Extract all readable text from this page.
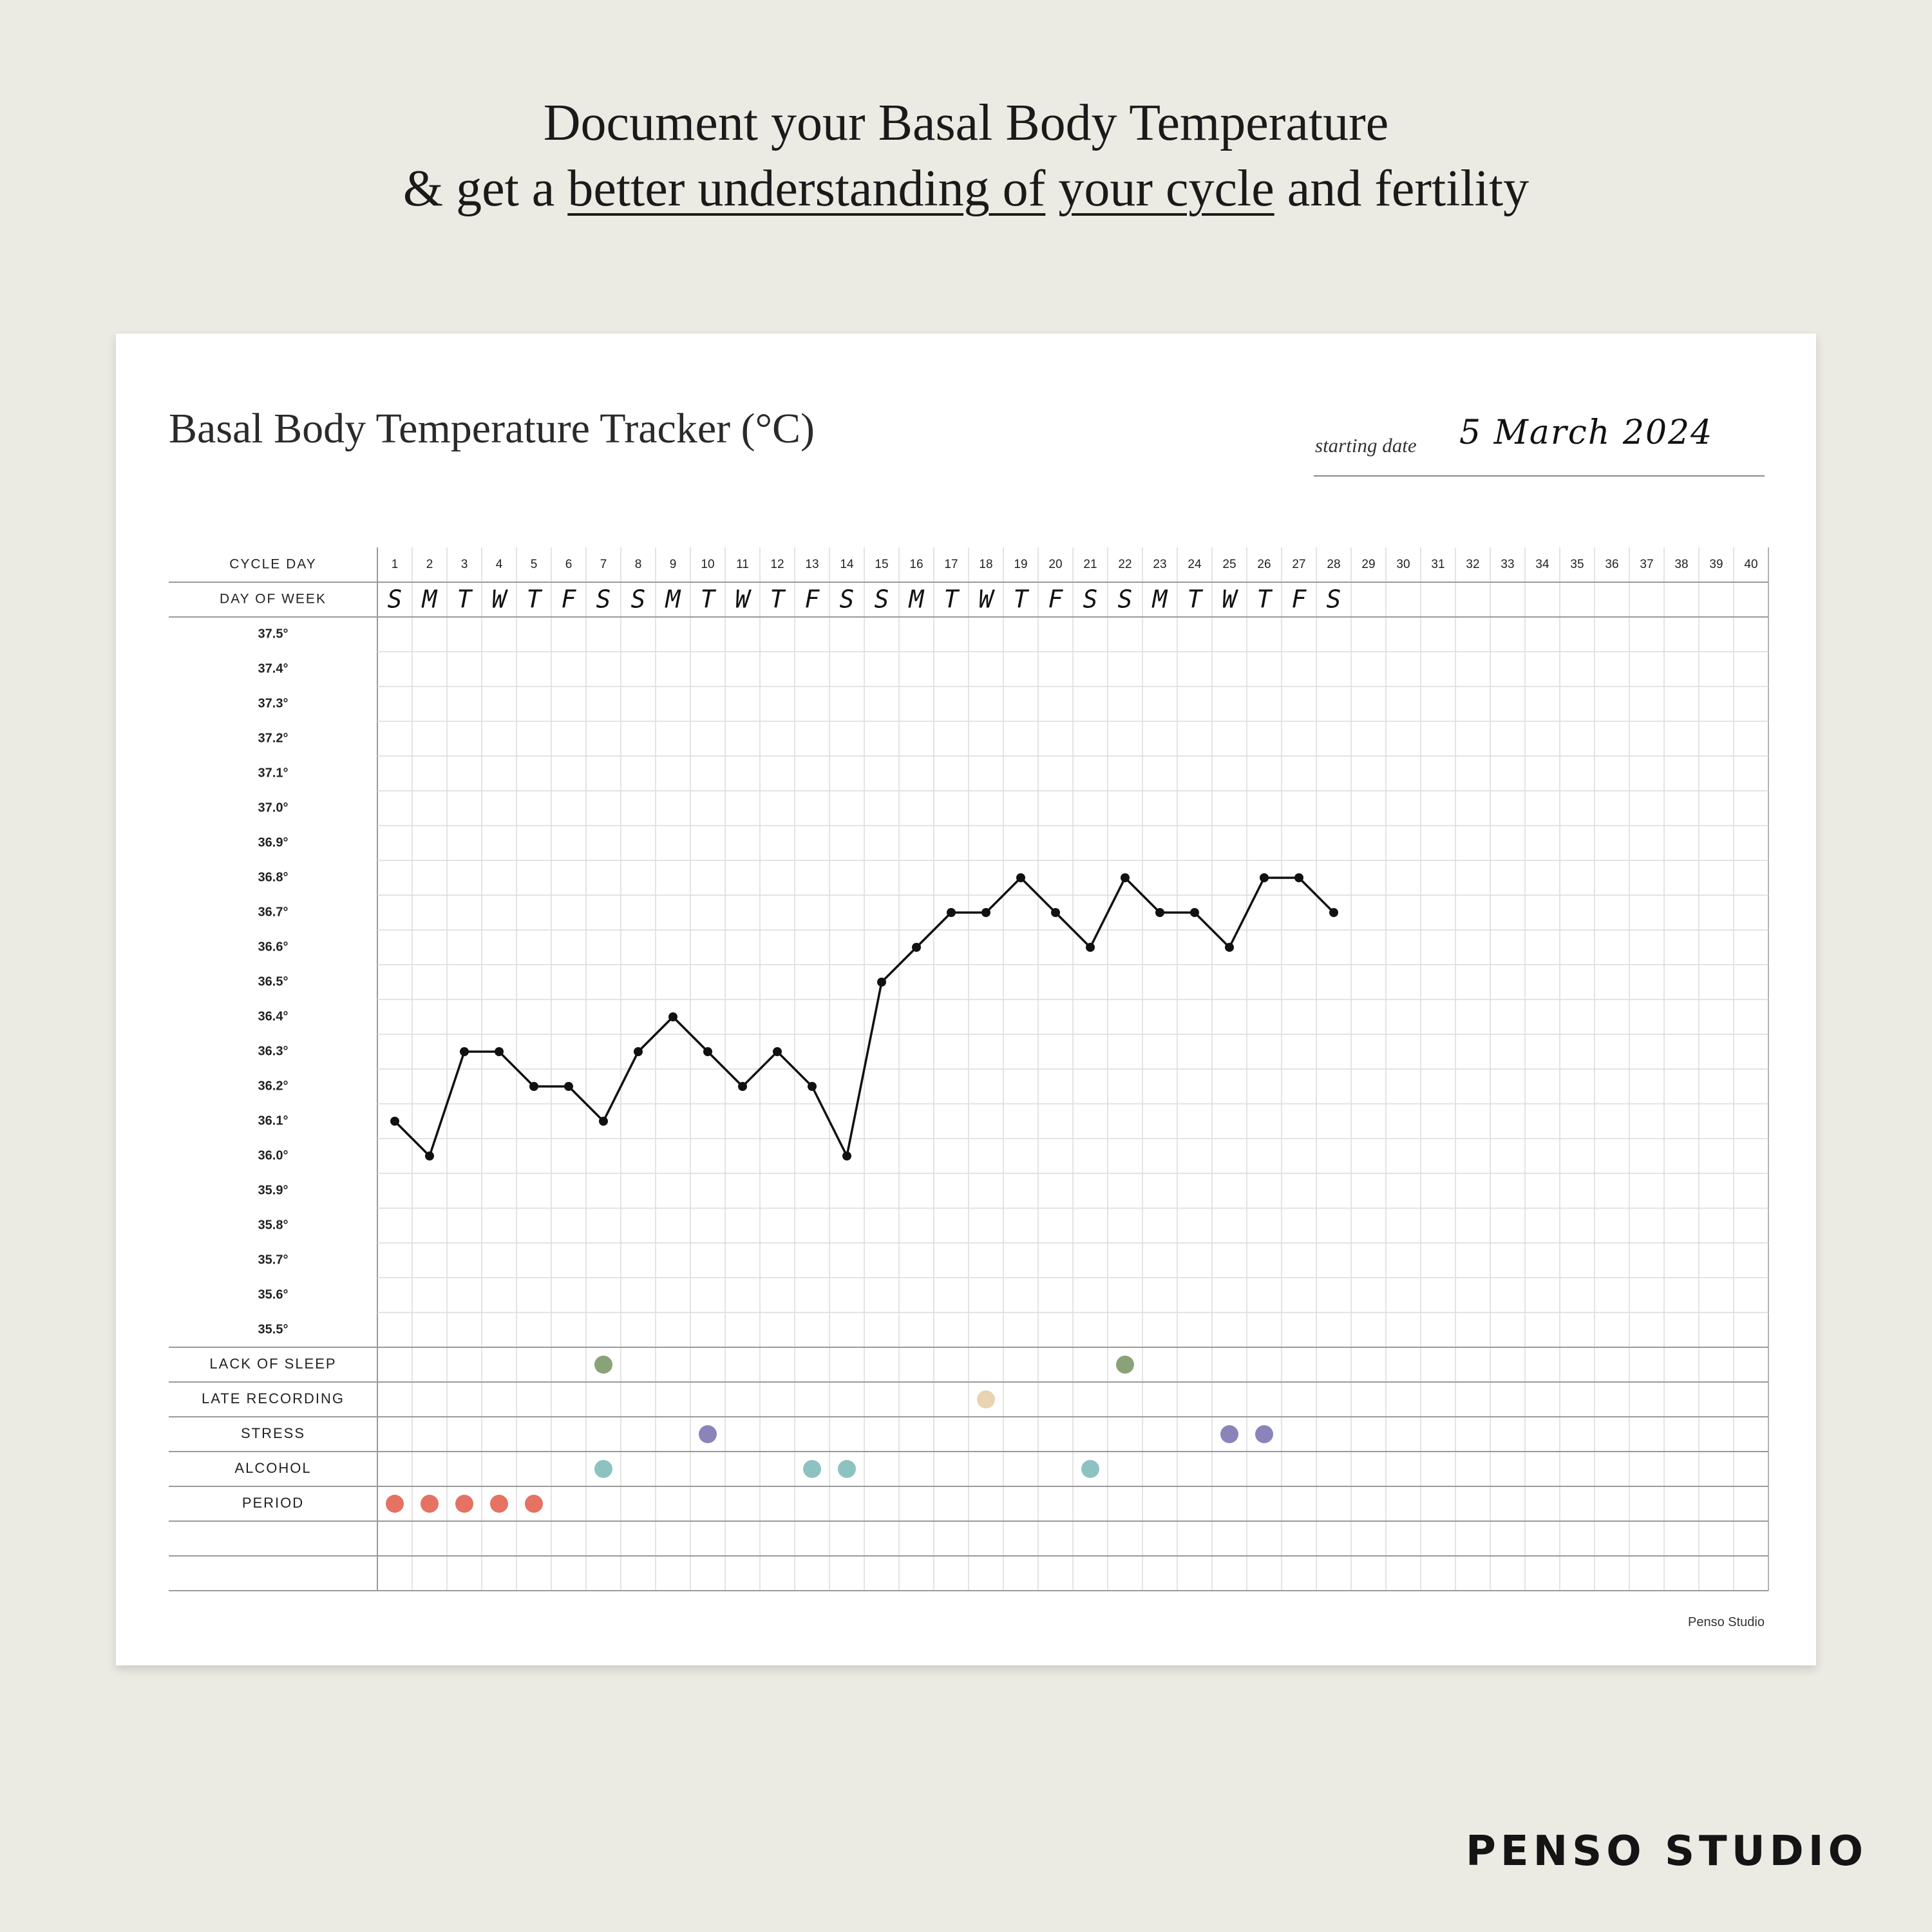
Document your Basal Body Temperature
& get a better understanding of your cycle and fertility
Basal Body Temperature Tracker (°C)	starting date 5 March 2024
CYCLE DAY
DAY OF WEEK
1 2 3 4 5 6 7 8 9 10 11 12 13 14 15 16 17 18 19 20 21 22 23 24 25 26 27 28 29 30 31 32 33 34 35 36 37 38 39 40
S M T W T F S S M T W T F S S M T W T F S S M T W T F S
37.5°
37.4°
37.3°
37.2°
37.1°
37.0°
36.9°
36.8°
36.7°
36.6°
36.5°
36.4°
36.3°
36.2°
36.1°
36.0°
35.9°
35.8°
35.7°
35.6°
35.5°
LACK OF SLEEP
LATE RECORDING
STRESS
ALCOHOL
PERIOD
Penso Studio
PENSO STUDIO
